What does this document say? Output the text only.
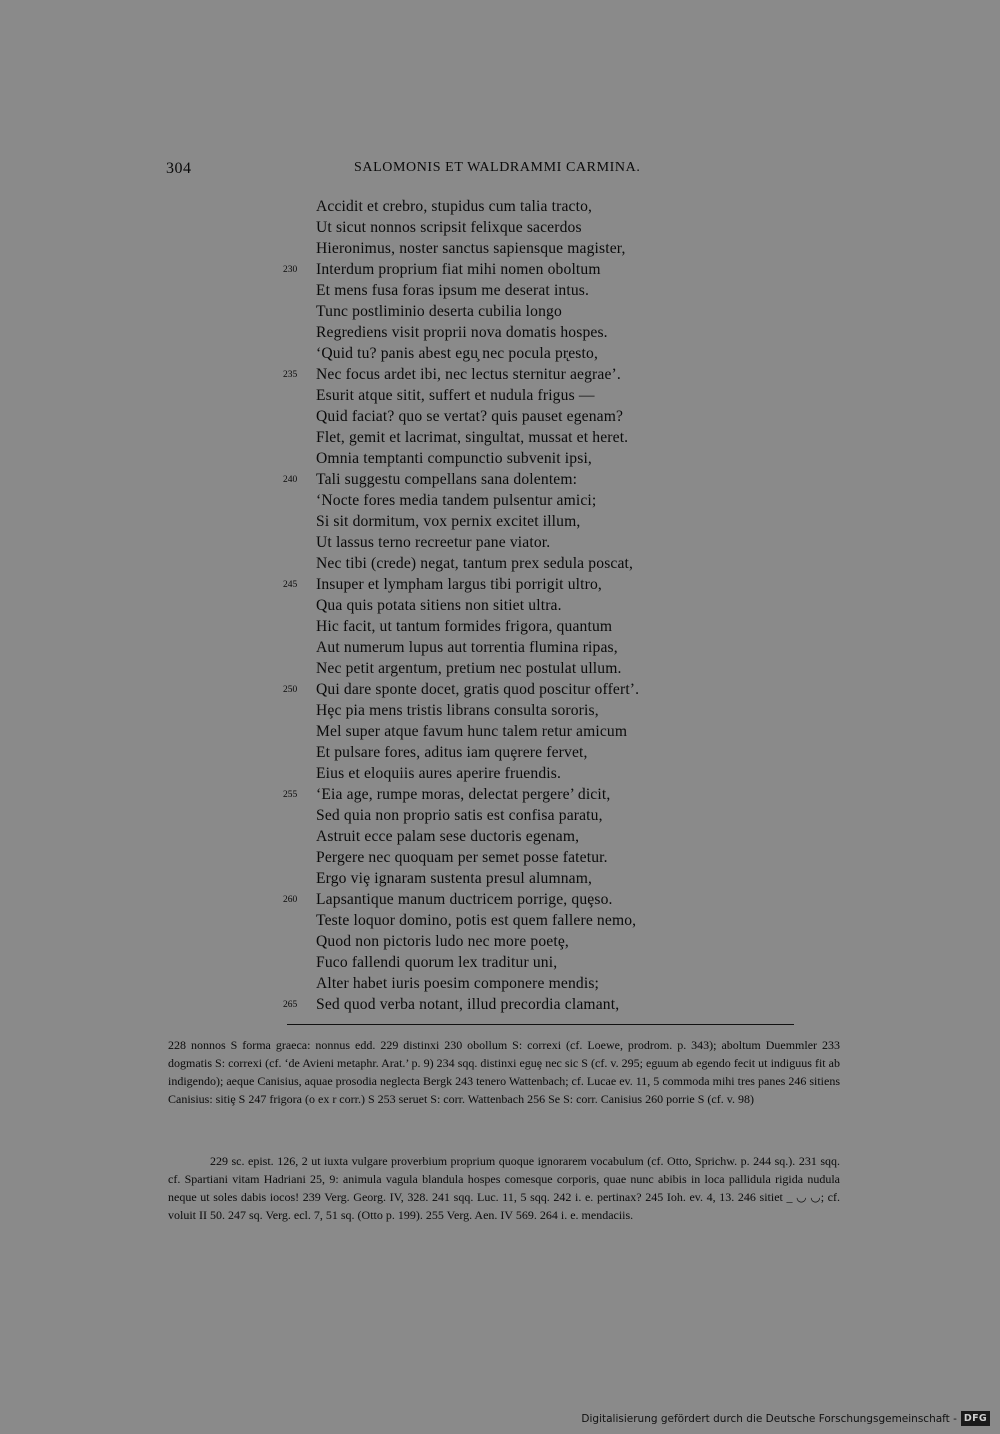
304	SALOMONIS ET WALDRAMMI CARMINA.
Accidit et crebro, stupidus cum talia tracto,
Ut sicut nonnos scripsit felixque sacerdos
Hieronimus, noster sanctus sapiensque magister,
230	Interdum proprium fiat mihi nomen oboltum
Et mens fusa foras ipsum me deserat intus.
Tunc postliminio deserta cubilia longo
Regrediens visit proprii nova domatis hospes.
‘Quid tu? panis abest egu̧ nec pocula pr̨esto,
235	Nec focus ardet ibi, nec lectus sternitur aegrae’.
Esurit atque sitit, suffert et nudula frigus —
Quid faciat? quo se vertat? quis pauset egenam?
Flet, gemit et lacrimat, singultat, mussat et heret.
Omnia temptanti compunctio subvenit ipsi,
240	Tali suggestu compellans sana dolentem:
‘Nocte fores media tandem pulsentur amici;
Si sit dormitum, vox pernix excitet illum,
Ut lassus terno recreetur pane viator.
Nec tibi (crede) negat, tantum prex sedula poscat,
245	Insuper et lympham largus tibi porrigit ultro,
Qua quis potata sitiens non sitiet ultra.
Hic facit, ut tantum formides frigora, quantum
Aut numerum lupus aut torrentia flumina ripas,
Nec petit argentum, pretium nec postulat ullum.
250	Qui dare sponte docet, gratis quod poscitur offert’.
Hȩc pia mens tristis librans consulta sororis,
Mel super atque favum hunc talem retur amicum
Et pulsare fores, aditus iam quȩrere fervet,
Eius et eloquiis aures aperire fruendis.
255	‘Eia age, rumpe moras, delectat pergere’ dicit,
Sed quia non proprio satis est confisa paratu,
Astruit ecce palam sese ductoris egenam,
Pergere nec quoquam per semet posse fatetur.
Ergo viȩ ignaram sustenta presul alumnam,
260	Lapsantique manum ductricem porrige, quȩso.
Teste loquor domino, potis est quem fallere nemo,
Quod non pictoris ludo nec more poetȩ,
Fuco fallendi quorum lex traditur uni,
Alter habet iuris poesim componere mendis;
265	Sed quod verba notant, illud precordia clamant,

228 nonnos S forma graeca: nonnus edd. 229 distinxi 230 obollum S: correxi (cf. Loewe, prodrom. p. 343); aboltum Duemmler 233 dogmatis S: correxi (cf. ‘de Avieni metaphr. Arat.’ p. 9) 234 sqq. distinxi eguȩ nec sic S (cf. v. 295; eguum ab egendo fecit ut indiguus fit ab indigendo); aeque Canisius, aquae prosodia neglecta Bergk 243 tenero Wattenbach; cf. Lucae ev. 11, 5 commoda mihi tres panes 246 sitiens Canisius: sitiȩ S 247 frigora (o ex r corr.) S 253 seruet S: corr. Wattenbach 256 Se S: corr. Canisius 260 porrie S (cf. v. 98)

229 sc. epist. 126, 2 ut iuxta vulgare proverbium proprium quoque ignorarem vocabulum (cf. Otto, Sprichw. p. 244 sq.). 231 sqq. cf. Spartiani vitam Hadriani 25, 9: animula vagula blandula hospes comesque corporis, quae nunc abibis in loca pallidula rigida nudula neque ut soles dabis iocos! 239 Verg. Georg. IV, 328. 241 sqq. Luc. 11, 5 sqq. 242 i. e. pertinax? 245 Ioh. ev. 4, 13. 246 sitiet _ ◡ ◡; cf. voluit II 50. 247 sq. Verg. ecl. 7, 51 sq. (Otto p. 199). 255 Verg. Aen. IV 569. 264 i. e. mendaciis.

Digitalisierung gefördert durch die Deutsche Forschungsgemeinschaft - DFG
